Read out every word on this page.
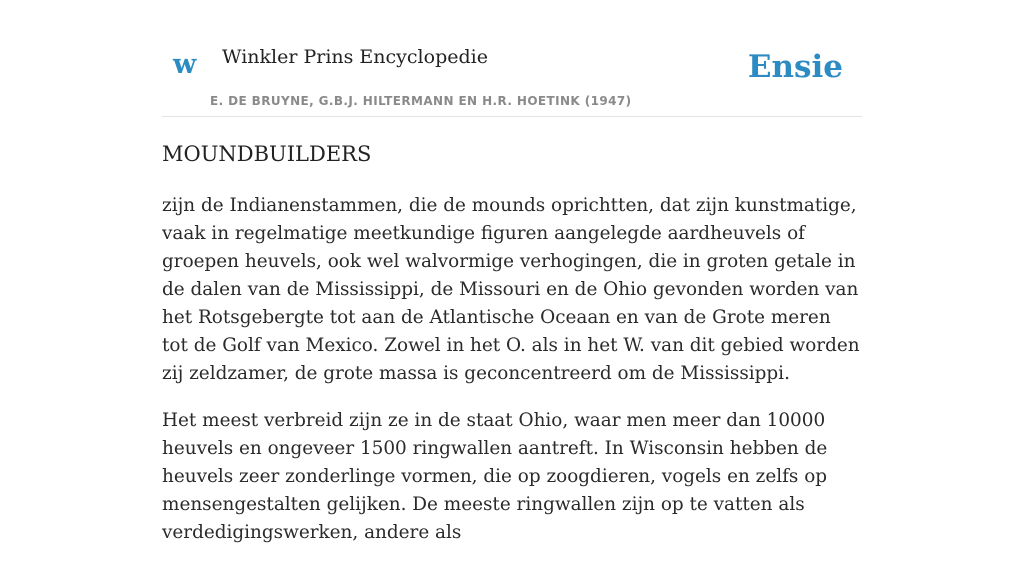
w Winkler Prins Encyclopedie
E. DE BRUYNE, G.B.J. HILTERMANN EN H.R. HOETINK (1947)
Ensie
MOUNDBUILDERS

zijn de Indianenstammen, die de mounds oprichtten, dat zijn kunstmatige, vaak in regelmatige meetkundige figuren aangelegde aardheuvels of groepen heuvels, ook wel walvormige verhogingen, die in groten getale in de dalen van de Mississippi, de Missouri en de Ohio gevonden worden van het Rotsgebergte tot aan de Atlantische Oceaan en van de Grote meren tot de Golf van Mexico. Zowel in het O. als in het W. van dit gebied worden zij zeldzamer, de grote massa is geconcentreerd om de Mississippi.

Het meest verbreid zijn ze in de staat Ohio, waar men meer dan 10000 heuvels en ongeveer 1500 ringwallen aantreft. In Wisconsin hebben de heuvels zeer zonderlinge vormen, die op zoogdieren, vogels en zelfs op mensengestalten gelijken. De meeste ringwallen zijn op te vatten als verdedigingswerken, andere als
